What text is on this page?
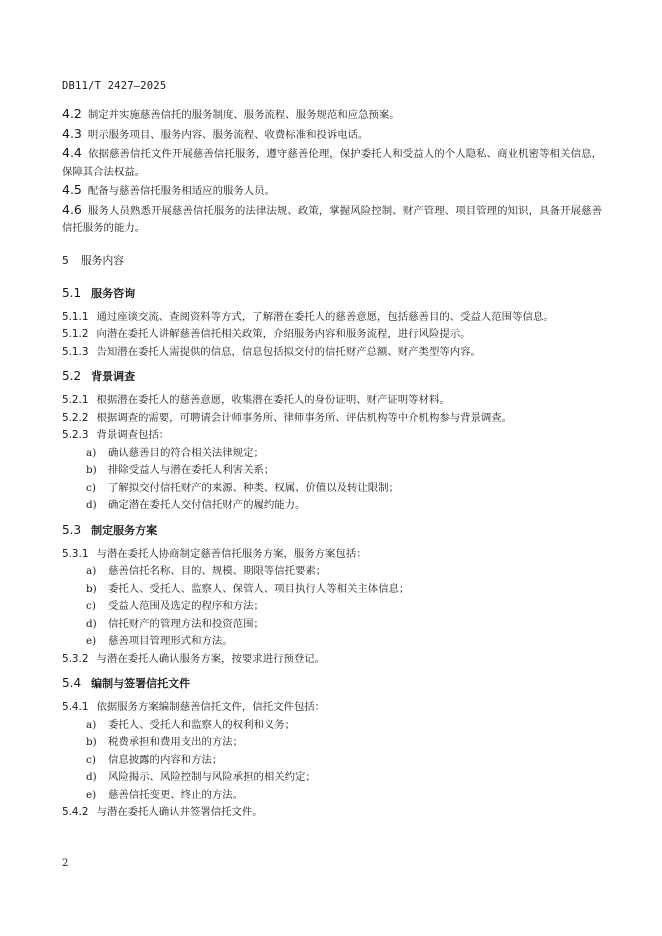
DB11/T 2427—2025

4.2 制定并实施慈善信托的服务制度、服务流程、服务规范和应急预案。

4.3 明示服务项目、服务内容、服务流程、收费标准和投诉电话。

4.4 依据慈善信托文件开展慈善信托服务，遵守慈善伦理，保护委托人和受益人的个人隐私、商业机密等相关信息，保障其合法权益。

4.5 配备与慈善信托服务相适应的服务人员。

4.6 服务人员熟悉开展慈善信托服务的法律法规、政策，掌握风险控制、财产管理、项目管理的知识，具备开展慈善信托服务的能力。

5 服务内容
5.1 服务咨询

5.1.1 通过座谈交流、查阅资料等方式，了解潜在委托人的慈善意愿，包括慈善目的、受益人范围等信息。

5.1.2 向潜在委托人讲解慈善信托相关政策，介绍服务内容和服务流程，进行风险提示。

5.1.3 告知潜在委托人需提供的信息，信息包括拟交付的信托财产总额、财产类型等内容。

5.2 背景调查

5.2.1 根据潜在委托人的慈善意愿，收集潜在委托人的身份证明、财产证明等材料。

5.2.2 根据调查的需要，可聘请会计师事务所、律师事务所、评估机构等中介机构参与背景调查。

5.2.3 背景调查包括：

a) 确认慈善目的符合相关法律规定；

b) 排除受益人与潜在委托人利害关系；

c) 了解拟交付信托财产的来源、种类、权属、价值以及转让限制；

d) 确定潜在委托人交付信托财产的履约能力。

5.3 制定服务方案

5.3.1 与潜在委托人协商制定慈善信托服务方案，服务方案包括：

a) 慈善信托名称、目的、规模、期限等信托要素；

b) 委托人、受托人、监察人、保管人、项目执行人等相关主体信息；

c) 受益人范围及选定的程序和方法；

d) 信托财产的管理方法和投资范围；

e) 慈善项目管理形式和方法。

5.3.2 与潜在委托人确认服务方案，按要求进行预登记。

5.4 编制与签署信托文件

5.4.1 依据服务方案编制慈善信托文件，信托文件包括：

a) 委托人、受托人和监察人的权利和义务；

b) 税费承担和费用支出的方法；

c) 信息披露的内容和方法；

d) 风险揭示、风险控制与风险承担的相关约定；

e) 慈善信托变更、终止的方法。

5.4.2 与潜在委托人确认并签署信托文件。

2
